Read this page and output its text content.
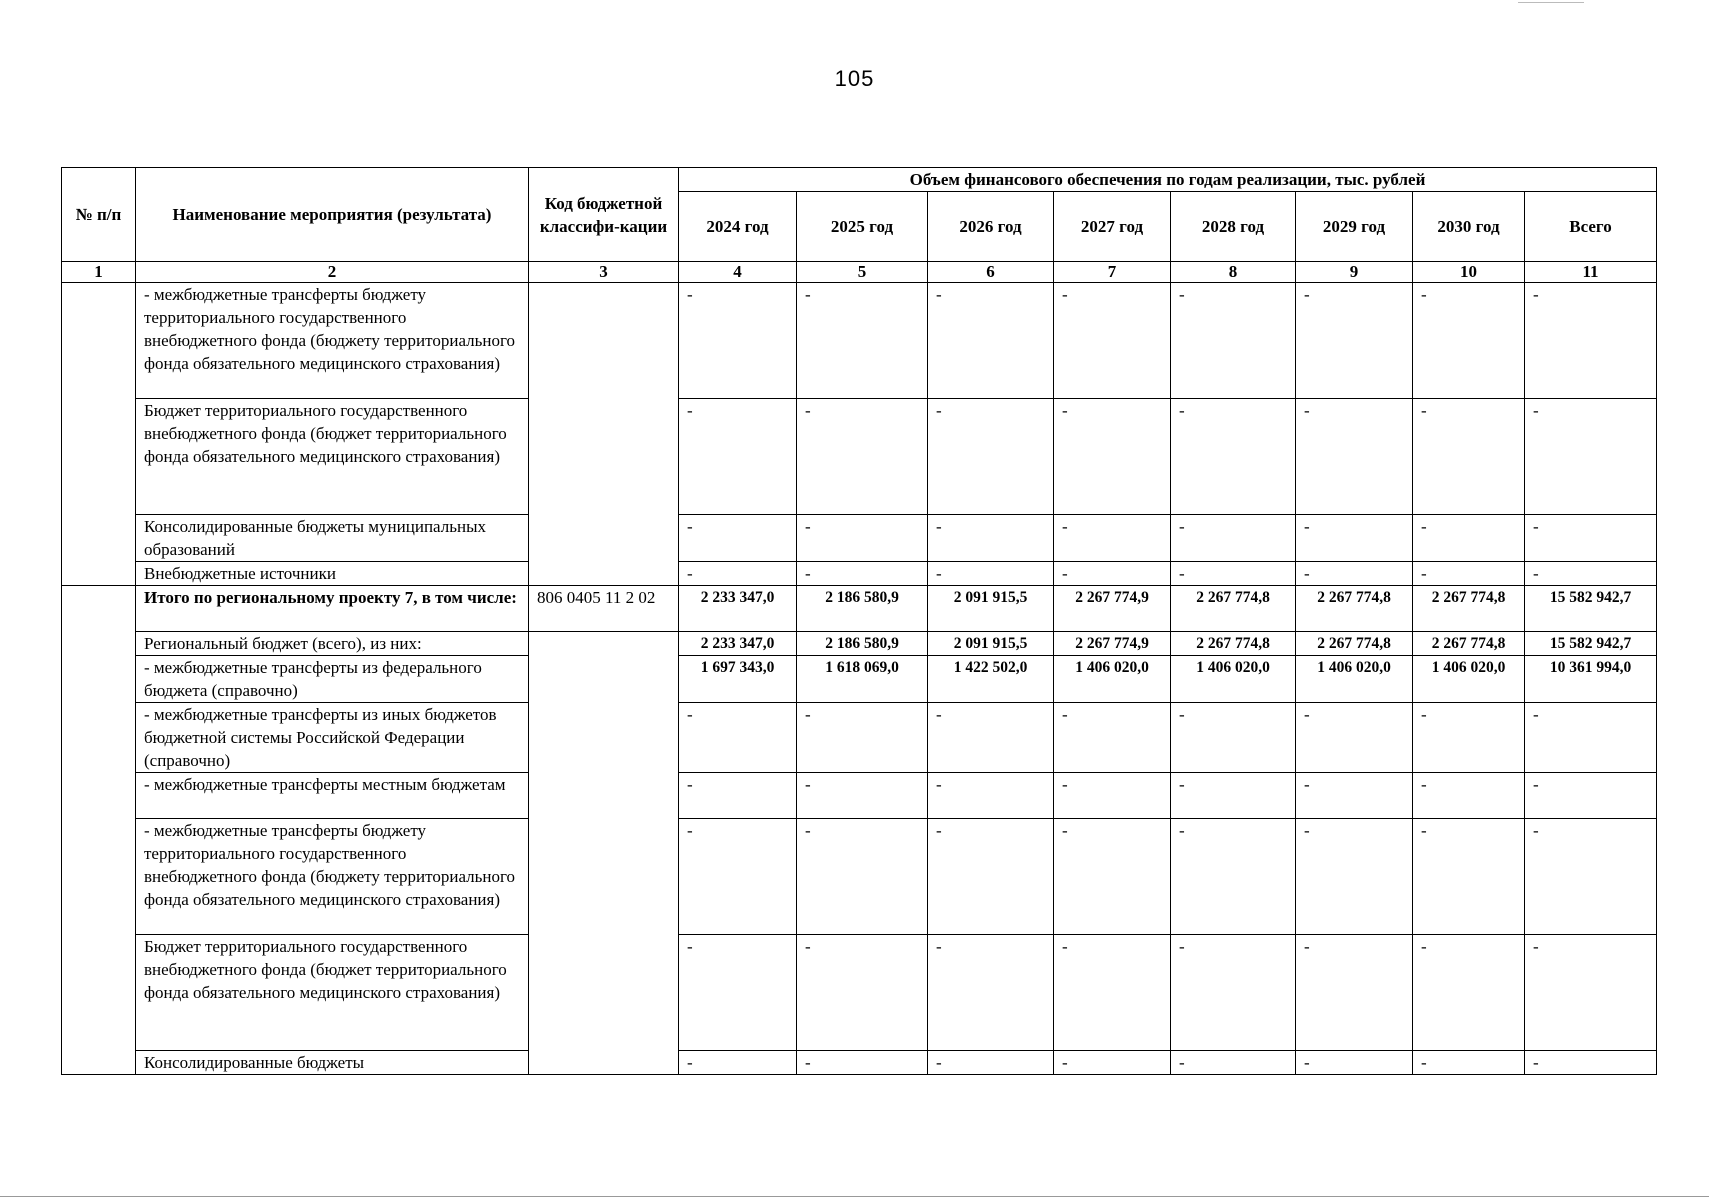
105
№ п/п	Наименование мероприятия (результата)	Код бюджетной классифи-кации	Объем финансового обеспечения по годам реализации, тыс. рублей							
			2024 год	2025 год	2026 год	2027 год	2028 год	2029 год	2030 год	Всего
1	2	3	4	5	6	7	8	9	10	11
	- межбюджетные трансферты бюджету территориального государственного внебюджетного фонда (бюджету территориального фонда обязательного медицинского страхования)		-	-	-	-	-	-	-	-
	Бюджет территориального государственного внебюджетного фонда (бюджет территориального фонда обязательного медицинского страхования)		-	-	-	-	-	-	-	-
	Консолидированные бюджеты муниципальных образований		-	-	-	-	-	-	-	-
	Внебюджетные источники		-	-	-	-	-	-	-	-
	Итого по региональному проекту 7, в том числе:	806 0405 11 2 02	2 233 347,0	2 186 580,9	2 091 915,5	2 267 774,9	2 267 774,8	2 267 774,8	2 267 774,8	15 582 942,7
	Региональный бюджет (всего), из них:		2 233 347,0	2 186 580,9	2 091 915,5	2 267 774,9	2 267 774,8	2 267 774,8	2 267 774,8	15 582 942,7
	- межбюджетные трансферты из федерального бюджета (справочно)		1 697 343,0	1 618 069,0	1 422 502,0	1 406 020,0	1 406 020,0	1 406 020,0	1 406 020,0	10 361 994,0
	- межбюджетные трансферты из иных бюджетов бюджетной системы Российской Федерации (справочно)		-	-	-	-	-	-	-	-
	- межбюджетные трансферты местным бюджетам		-	-	-	-	-	-	-	-
	- межбюджетные трансферты бюджету территориального государственного внебюджетного фонда (бюджету территориального фонда обязательного медицинского страхования)		-	-	-	-	-	-	-	-
	Бюджет территориального государственного внебюджетного фонда (бюджет территориального фонда обязательного медицинского страхования)		-	-	-	-	-	-	-	-
	Консолидированные бюджеты		-	-	-	-	-	-	-	-
